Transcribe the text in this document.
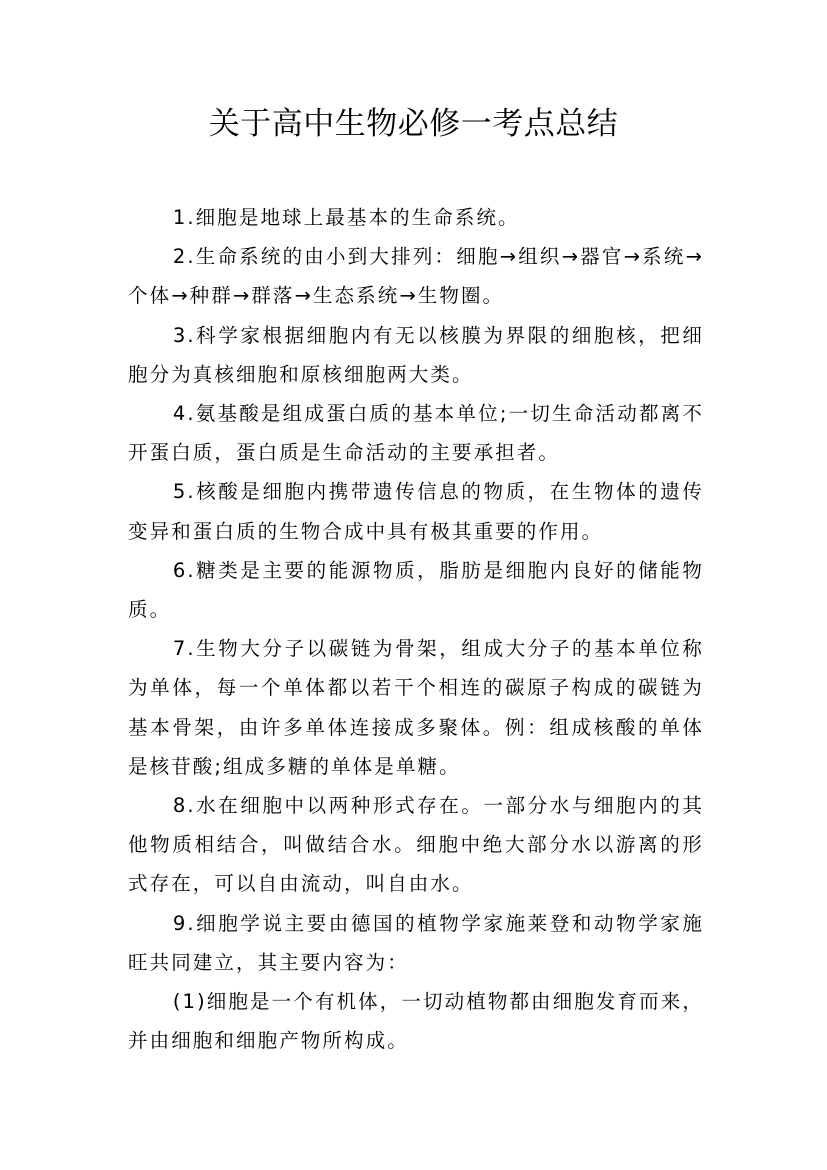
关于高中生物必修一考点总结

1.细胞是地球上最基本的生命系统。

2.生命系统的由小到大排列：细胞→组织→器官→系统→个体→种群→群落→生态系统→生物圈。

3.科学家根据细胞内有无以核膜为界限的细胞核，把细胞分为真核细胞和原核细胞两大类。

4.氨基酸是组成蛋白质的基本单位;一切生命活动都离不开蛋白质，蛋白质是生命活动的主要承担者。

5.核酸是细胞内携带遗传信息的物质，在生物体的遗传变异和蛋白质的生物合成中具有极其重要的作用。

6.糖类是主要的能源物质，脂肪是细胞内良好的储能物质。

7.生物大分子以碳链为骨架，组成大分子的基本单位称为单体，每一个单体都以若干个相连的碳原子构成的碳链为基本骨架，由许多单体连接成多聚体。例：组成核酸的单体是核苷酸;组成多糖的单体是单糖。

8.水在细胞中以两种形式存在。一部分水与细胞内的其他物质相结合，叫做结合水。细胞中绝大部分水以游离的形式存在，可以自由流动，叫自由水。

9.细胞学说主要由德国的植物学家施莱登和动物学家施旺共同建立，其主要内容为：

(1)细胞是一个有机体，一切动植物都由细胞发育而来，并由细胞和细胞产物所构成。
